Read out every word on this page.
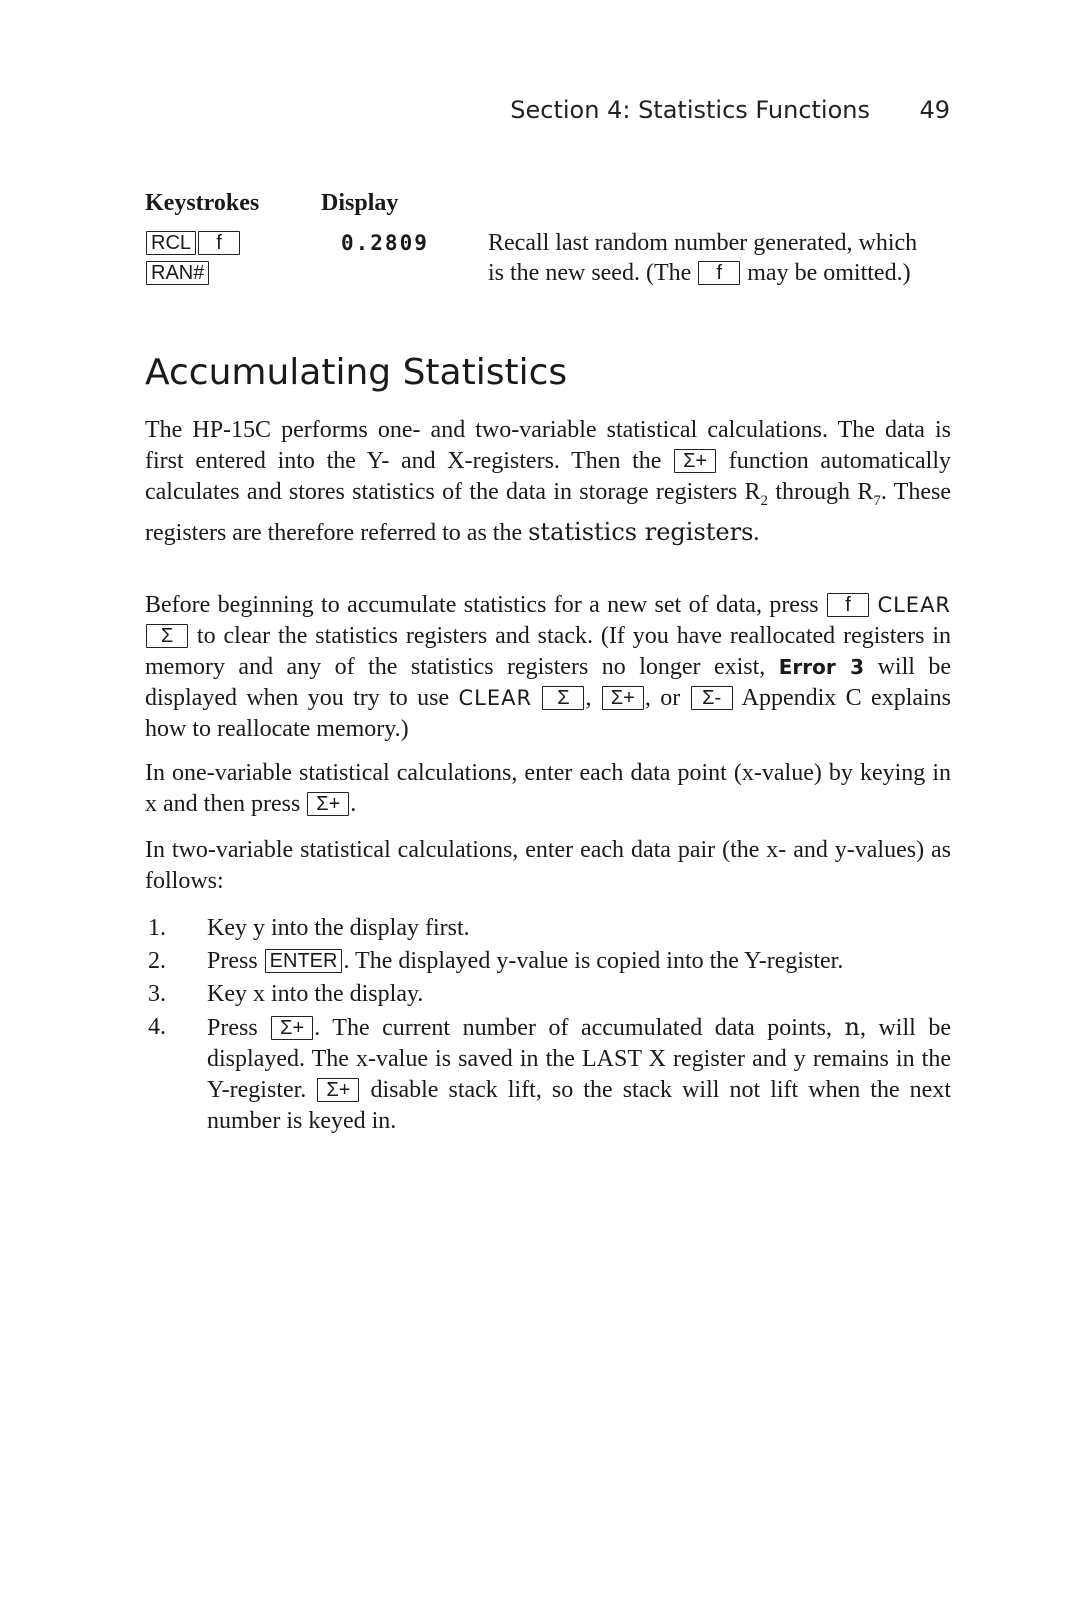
Section 4: Statistics Functions 49
Keystrokes	Display
RCL f
RAN#
0.2809 Recall last random number generated, which is the new seed. (The f may be omitted.)
Accumulating Statistics

The HP-15C performs one- and two-variable statistical calculations. The data is first entered into the Y- and X-registers. Then the Σ+ function automatically calculates and stores statistics of the data in storage registers $R_2$ through $R_7$. These registers are therefore referred to as the statistics registers.

Before beginning to accumulate statistics for a new set of data, press f CLEAR Σ to clear the statistics registers and stack. (If you have reallocated registers in memory and any of the statistics registers no longer exist, Error 3 will be displayed when you try to use CLEAR Σ , Σ+ , or Σ- Appendix C explains how to reallocate memory.)

In one-variable statistical calculations, enter each data point (x-value) by keying in x and then press Σ+ .

In two-variable statistical calculations, enter each data pair (the x- and y-values) as follows:

1. Key y into the display first.
2. Press ENTER . The displayed y-value is copied into the Y-register.
3. Key x into the display.
4. Press Σ+ . The current number of accumulated data points, n, will be displayed. The x-value is saved in the LAST X register and y remains in the Y-register. Σ+ disable stack lift, so the stack will not lift when the next number is keyed in.
